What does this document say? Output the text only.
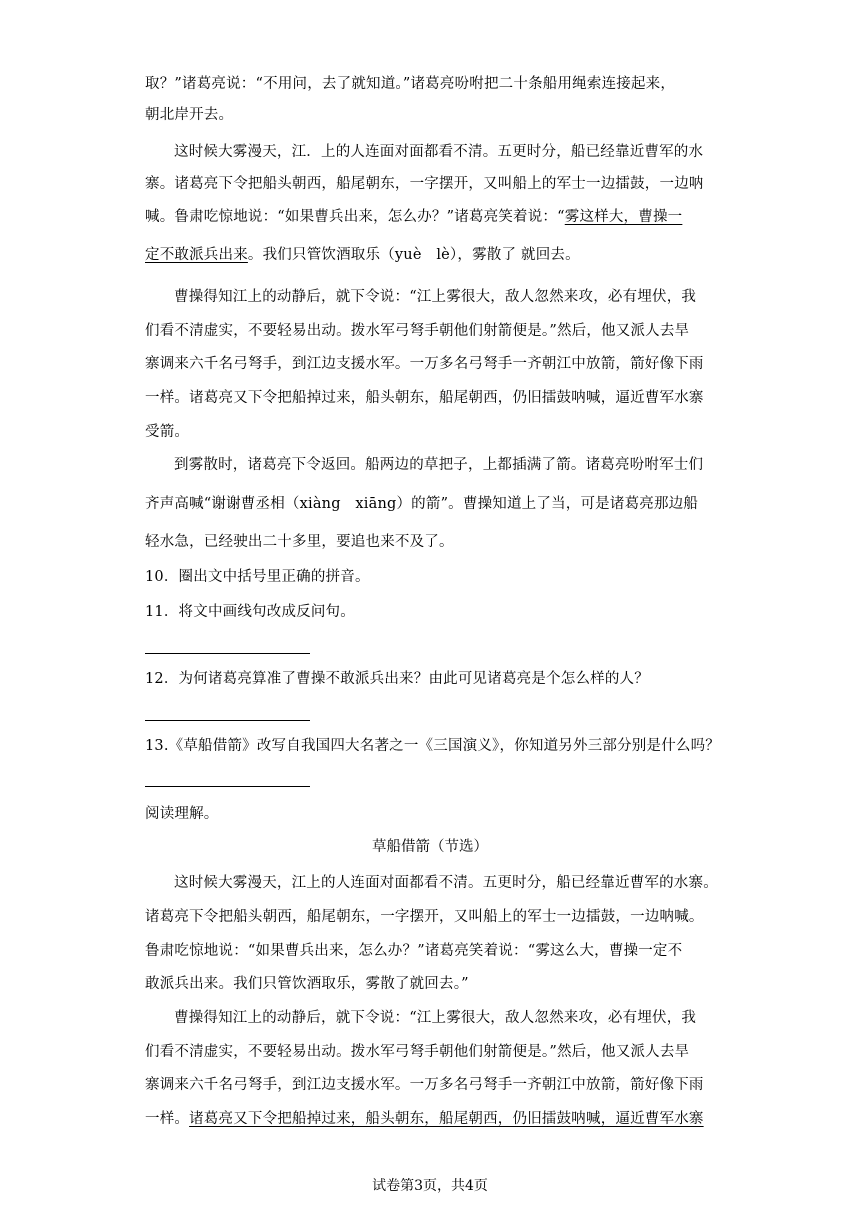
取？”诸葛亮说：“不用问，去了就知道。”诸葛亮吩咐把二十条船用绳索连接起来，
朝北岸开去。
这时候大雾漫天，江．上的人连面对面都看不清。五更时分，船已经靠近曹军的水
寨。诸葛亮下令把船头朝西，船尾朝东，一字摆开，又叫船上的军士一边擂鼓，一边呐
喊。鲁肃吃惊地说：“如果曹兵出来，怎么办？”诸葛亮笑着说：“雾这样大，曹操一
定不敢派兵出来。我们只管饮酒取乐（yuè　lè），雾散了 就回去。
曹操得知江上的动静后，就下令说：“江上雾很大，敌人忽然来攻，必有埋伏，我
们看不清虚实，不要轻易出动。拨水军弓弩手朝他们射箭便是。”然后，他又派人去旱
寨调来六千名弓弩手，到江边支援水军。一万多名弓弩手一齐朝江中放箭，箭好像下雨
一样。诸葛亮又下令把船掉过来，船头朝东，船尾朝西，仍旧擂鼓呐喊，逼近曹军水寨
受箭。
到雾散时，诸葛亮下令返回。船两边的草把子，上都插满了箭。诸葛亮吩咐军士们
齐声高喊“谢谢曹丞相（xiàng　xiāng）的箭”。曹操知道上了当，可是诸葛亮那边船
轻水急，已经驶出二十多里，要追也来不及了。
10．圈出文中括号里正确的拼音。
11．将文中画线句改成反问句。
12．为何诸葛亮算准了曹操不敢派兵出来？由此可见诸葛亮是个怎么样的人？
13.《草船借箭》改写自我国四大名著之一《三国演义》，你知道另外三部分别是什么吗？
阅读理解。
草船借箭（节选）
这时候大雾漫天，江上的人连面对面都看不清。五更时分，船已经靠近曹军的水寨。
诸葛亮下令把船头朝西，船尾朝东，一字摆开，又叫船上的军士一边擂鼓，一边呐喊。
鲁肃吃惊地说：“如果曹兵出来，怎么办？”诸葛亮笑着说：“雾这么大，曹操一定不
敢派兵出来。我们只管饮酒取乐，雾散了就回去。”
曹操得知江上的动静后，就下令说：“江上雾很大，敌人忽然来攻，必有埋伏，我
们看不清虚实，不要轻易出动。拨水军弓弩手朝他们射箭便是。”然后，他又派人去旱
寨调来六千名弓弩手，到江边支援水军。一万多名弓弩手一齐朝江中放箭，箭好像下雨
一样。诸葛亮又下令把船掉过来，船头朝东，船尾朝西，仍旧擂鼓呐喊，逼近曹军水寨
试卷第3页，共4页
